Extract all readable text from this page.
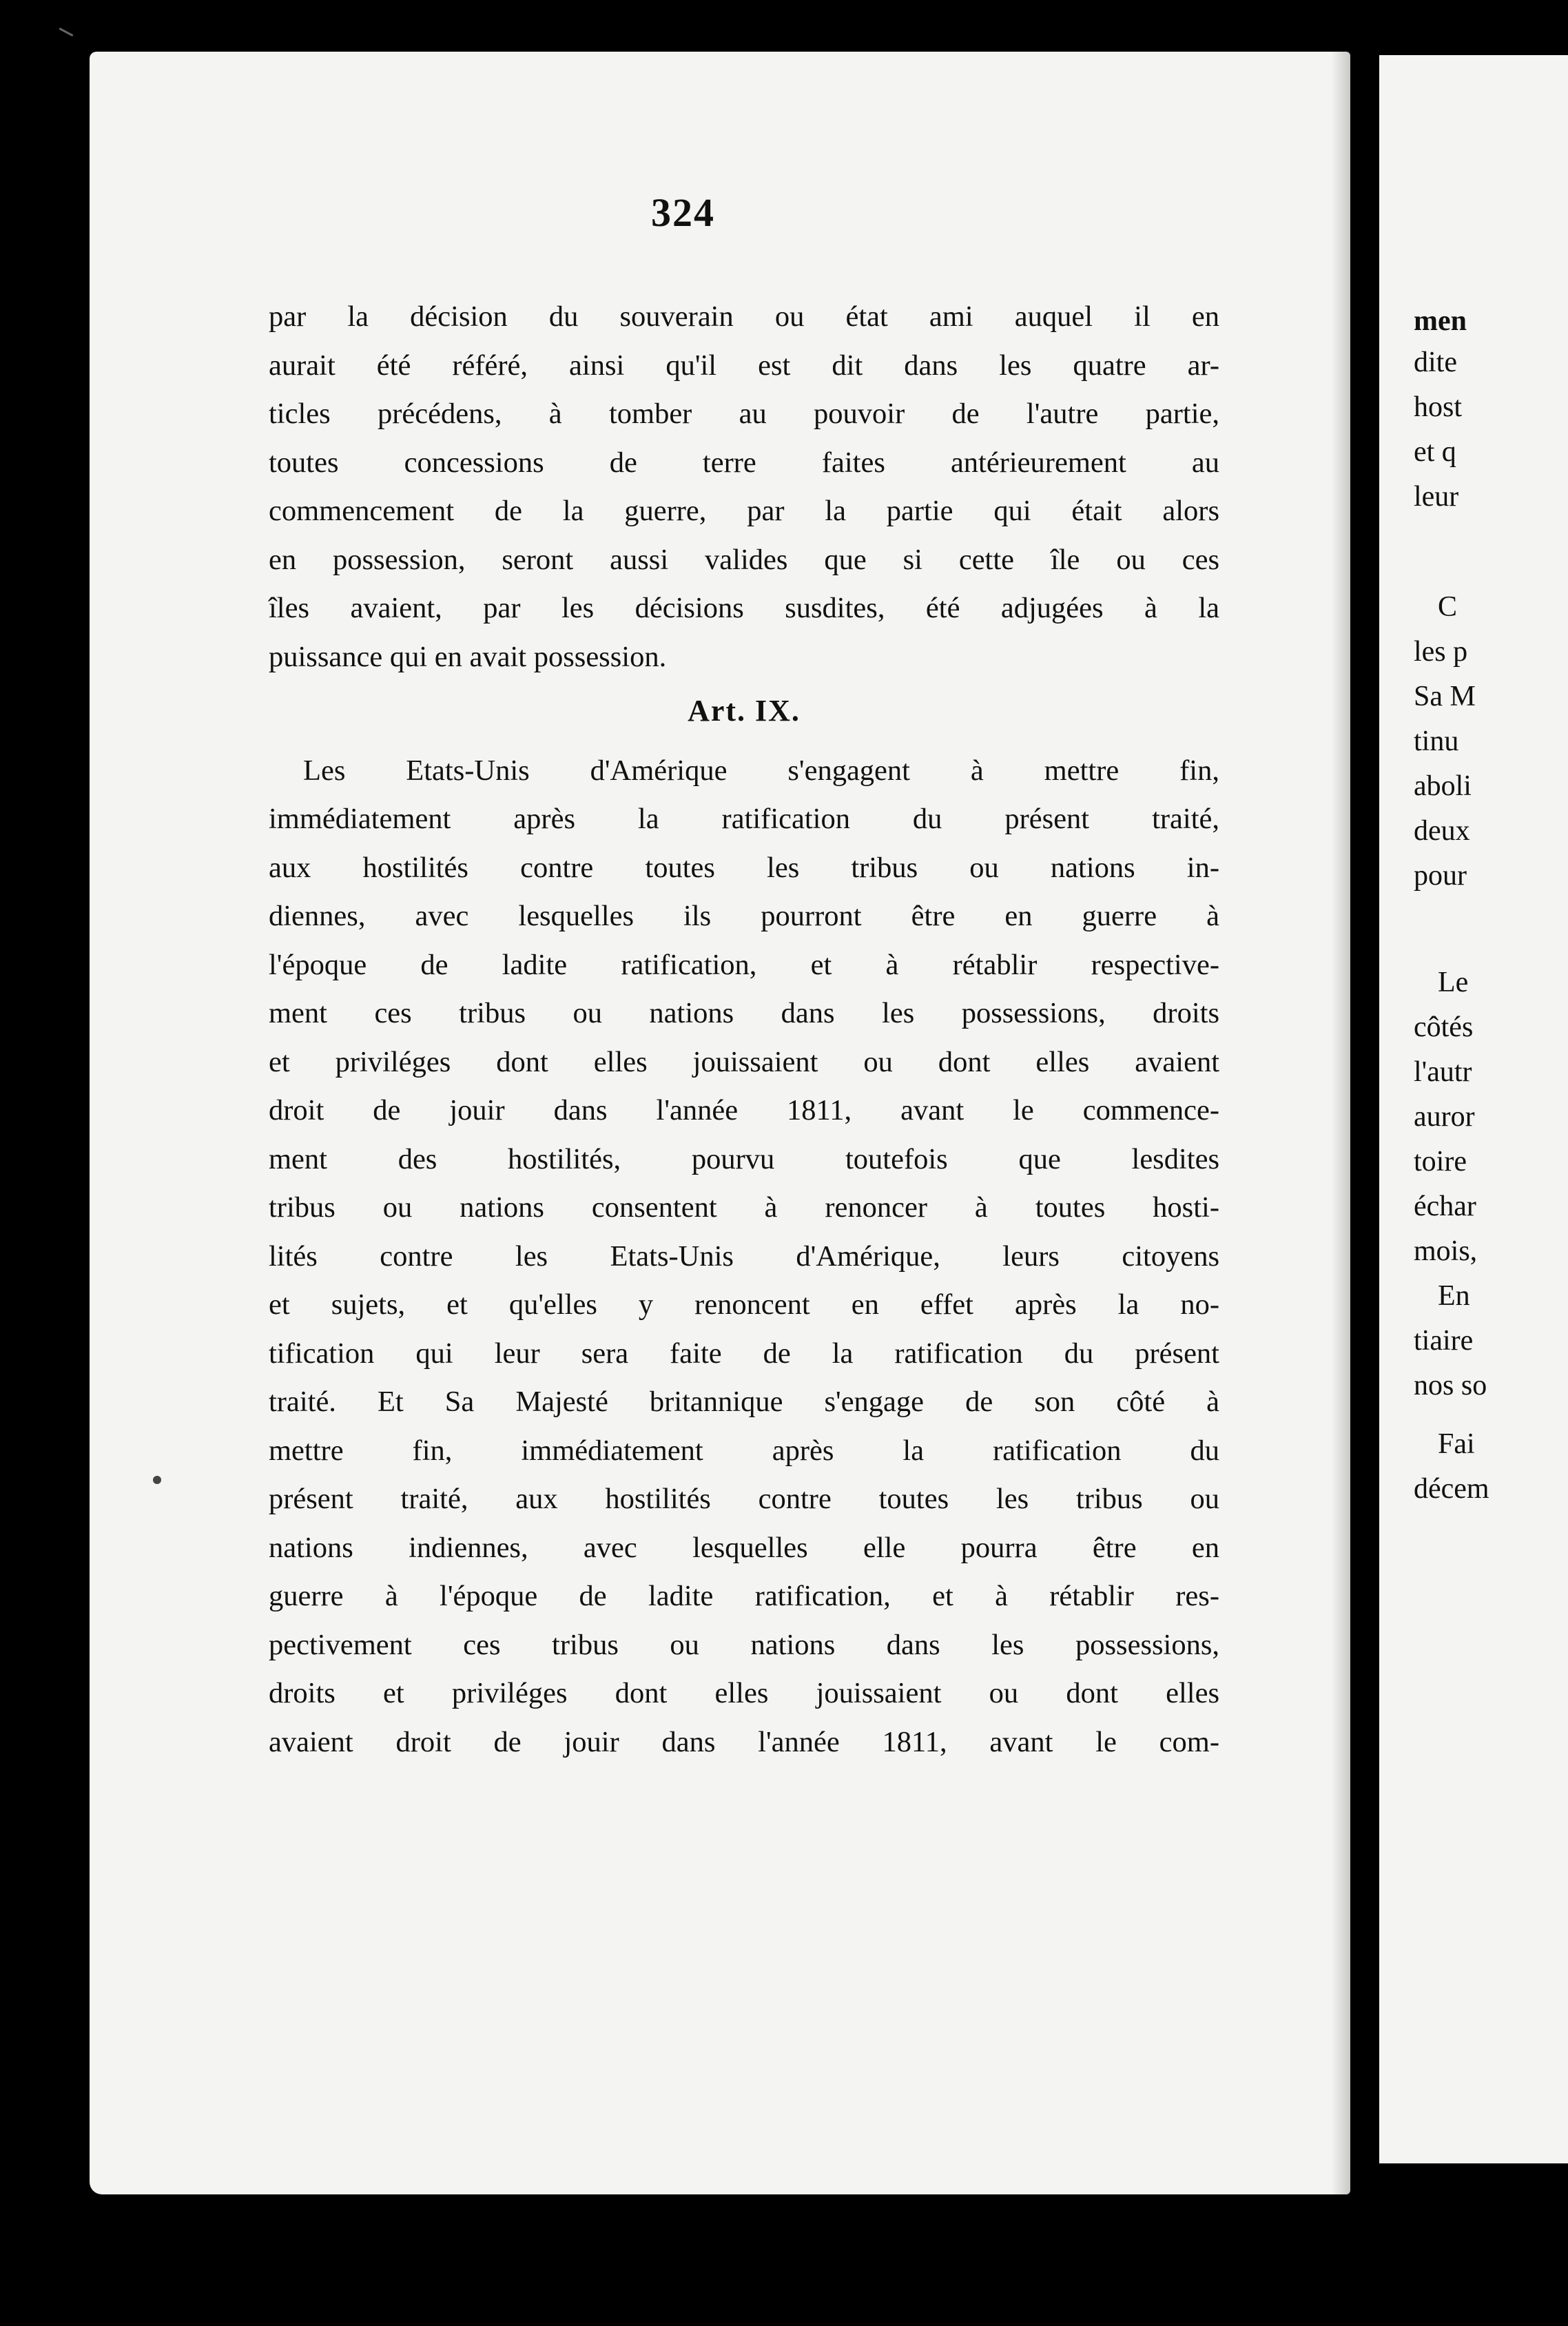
324
par la décision du souverain ou état ami auquel il en
aurait été référé, ainsi qu'il est dit dans les quatre ar-
ticles précédens, à tomber au pouvoir de l'autre partie,
toutes concessions de terre faites antérieurement au
commencement de la guerre, par la partie qui était alors
en possession, seront aussi valides que si cette île ou ces
îles avaient, par les décisions susdites, été adjugées à la
puissance qui en avait possession.
Art. IX.
Les Etats-Unis d'Amérique s'engagent à mettre fin,
immédiatement après la ratification du présent traité,
aux hostilités contre toutes les tribus ou nations in-
diennes, avec lesquelles ils pourront être en guerre à
l'époque de ladite ratification, et à rétablir respective-
ment ces tribus ou nations dans les possessions, droits
et priviléges dont elles jouissaient ou dont elles avaient
droit de jouir dans l'année 1811, avant le commence-
ment des hostilités, pourvu toutefois que lesdites
tribus ou nations consentent à renoncer à toutes hosti-
lités contre les Etats-Unis d'Amérique, leurs citoyens
et sujets, et qu'elles y renoncent en effet après la no-
tification qui leur sera faite de la ratification du présent
traité. Et Sa Majesté britannique s'engage de son côté à
mettre fin, immédiatement après la ratification du
présent traité, aux hostilités contre toutes les tribus ou
nations indiennes, avec lesquelles elle pourra être en
guerre à l'époque de ladite ratification, et à rétablir res-
pectivement ces tribus ou nations dans les possessions,
droits et priviléges dont elles jouissaient ou dont elles
avaient droit de jouir dans l'année 1811, avant le com-
men
dite
host
et q
leur
C
les p
Sa M
tinu
aboli
deux
pour
Le
côtés
l'autr
auror
toire
échar
mois,
En
tiaire
nos so
Fai
décem
